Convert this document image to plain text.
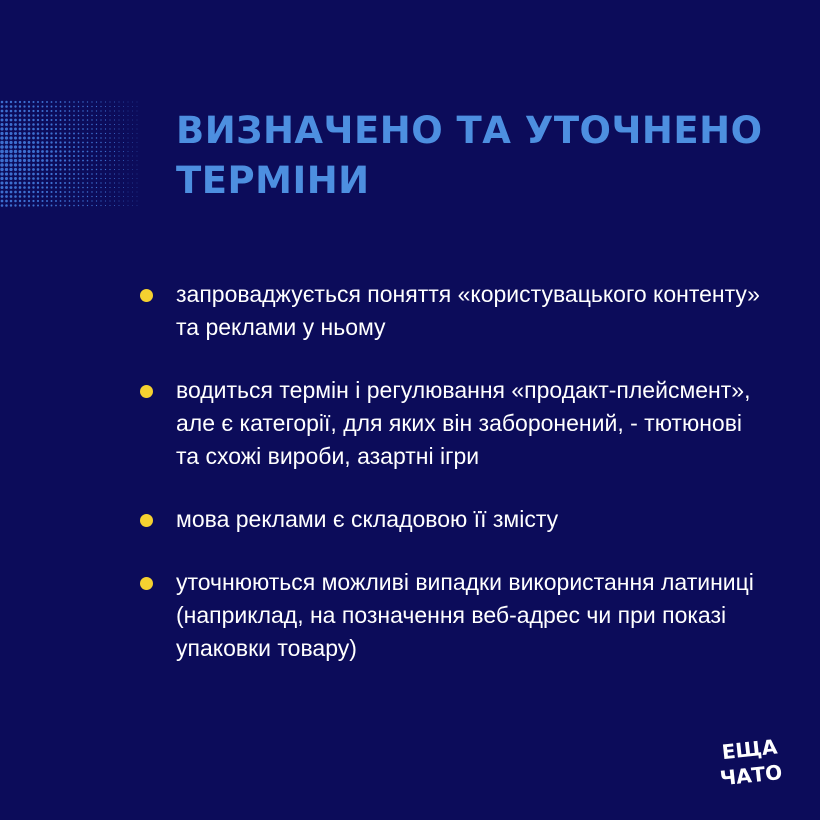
ВИЗНАЧЕНО ТА УТОЧНЕНО ТЕРМІНИ
запроваджується поняття «користувацького контенту» та реклами у ньому
водиться термін і регулювання «продакт-плейсмент», але є категорії, для яких він заборонений, - тютюнові та схожі вироби, азартні ігри
мова реклами є складовою її змісту
уточнюються можливі випадки використання латиниці (наприклад, на позначення веб-адрес чи при показі упаковки товару)
ЕЩА
ЧАТО
